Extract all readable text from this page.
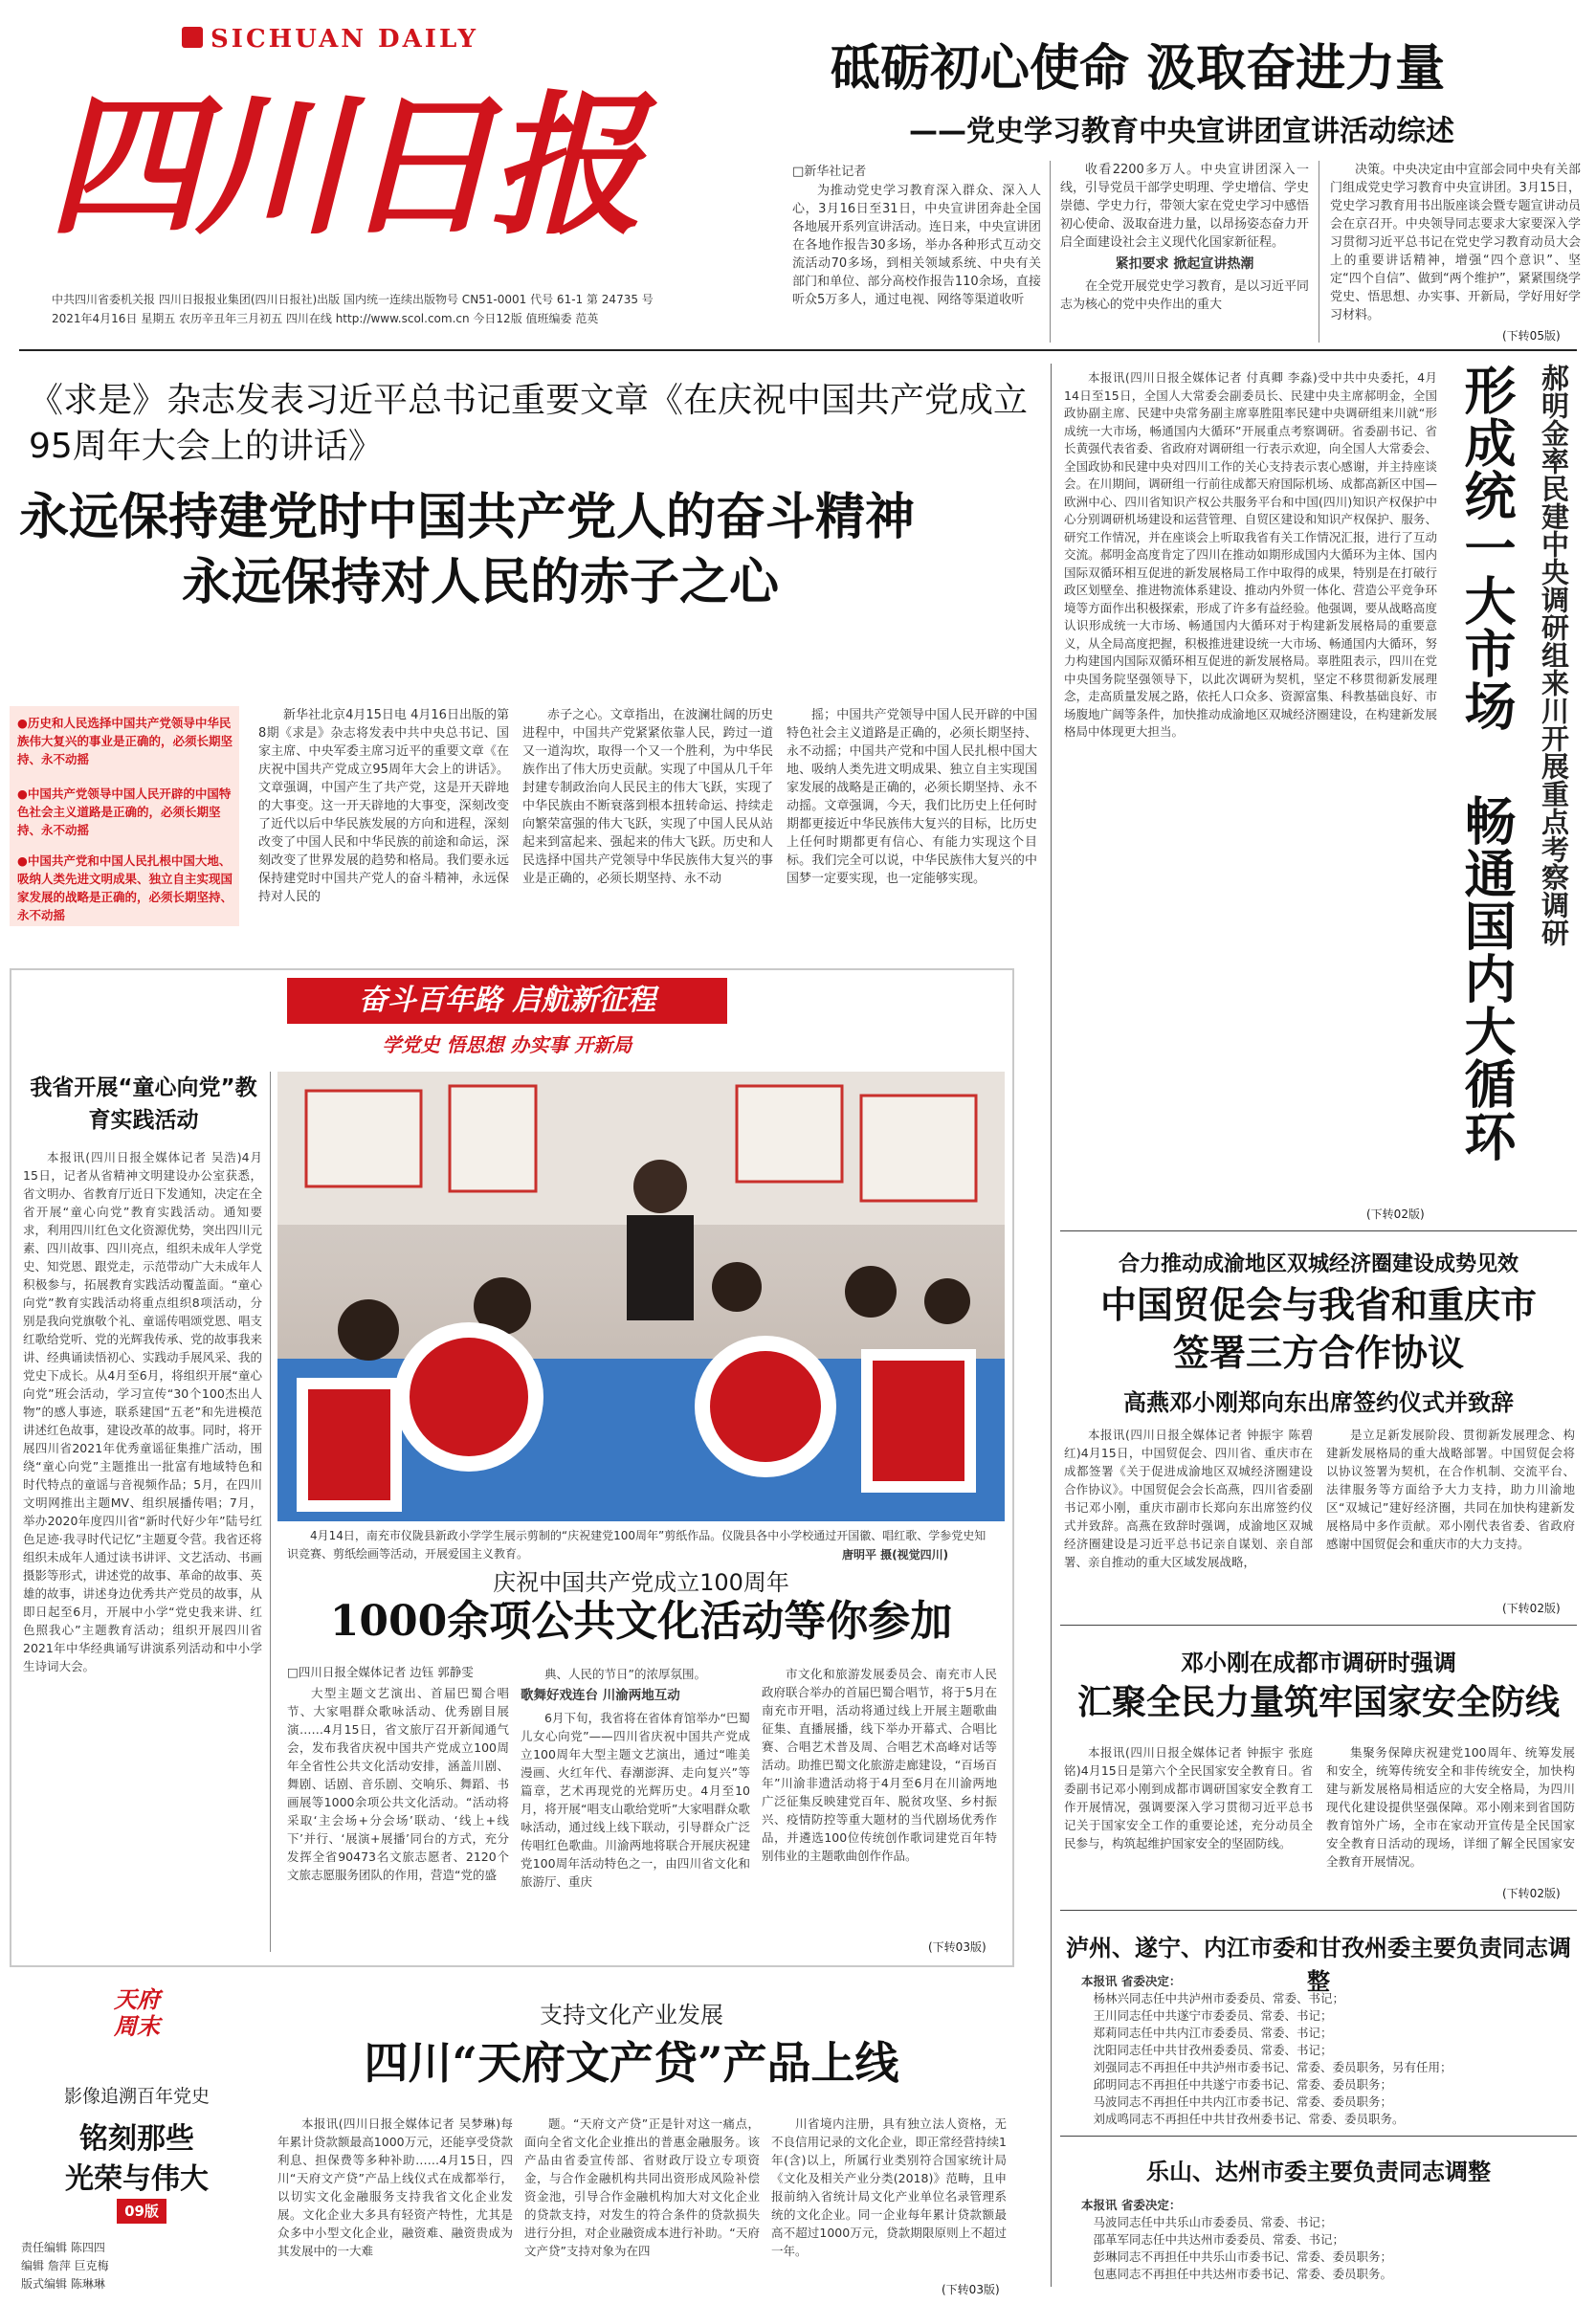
SICHUAN DAILY
四川日报
中共四川省委机关报 四川日报报业集团(四川日报社)出版 国内统一连续出版物号 CN51-0001 代号 61-1 第 24735 号
2021年4月16日 星期五 农历辛丑年三月初五 四川在线 http://www.scol.com.cn 今日12版 值班编委 范英
砥砺初心使命 汲取奋进力量
——党史学习教育中央宣讲团宣讲活动综述
□新华社记者

为推动党史学习教育深入群众、深入人心，3月16日至31日，中央宣讲团奔赴全国各地展开系列宣讲活动。连日来，中央宣讲团在各地作报告30多场，举办各种形式互动交流活动70多场，到相关领域系统、中央有关部门和单位、部分高校作报告110余场，直接听众5万多人，通过电视、网络等渠道收听

收看2200多万人。中央宣讲团深入一线，引导党员干部学史明理、学史增信、学史崇德、学史力行，带领大家在党史学习中感悟初心使命、汲取奋进力量，以昂扬姿态奋力开启全面建设社会主义现代化国家新征程。

紧扣要求 掀起宣讲热潮

在全党开展党史学习教育，是以习近平同志为核心的党中央作出的重大

决策。中央决定由中宣部会同中央有关部门组成党史学习教育中央宣讲团。3月15日，党史学习教育用书出版座谈会暨专题宣讲动员会在京召开。中央领导同志要求大家要深入学习贯彻习近平总书记在党史学习教育动员大会上的重要讲话精神，增强“四个意识”、坚定“四个自信”、做到“两个维护”，紧紧围绕学党史、悟思想、办实事、开新局，学好用好学习材料。

(下转05版)
《求是》杂志发表习近平总书记重要文章《在庆祝中国共产党成立95周年大会上的讲话》
永远保持建党时中国共产党人的奋斗精神
永远保持对人民的赤子之心
●历史和人民选择中国共产党领导中华民族伟大复兴的事业是正确的，必须长期坚持、永不动摇
●中国共产党领导中国人民开辟的中国特色社会主义道路是正确的，必须长期坚持、永不动摇
●中国共产党和中国人民扎根中国大地、吸纳人类先进文明成果、独立自主实现国家发展的战略是正确的，必须长期坚持、永不动摇

新华社北京4月15日电 4月16日出版的第8期《求是》杂志将发表中共中央总书记、国家主席、中央军委主席习近平的重要文章《在庆祝中国共产党成立95周年大会上的讲话》。文章强调，中国产生了共产党，这是开天辟地的大事变。这一开天辟地的大事变，深刻改变了近代以后中华民族发展的方向和进程，深刻改变了中国人民和中华民族的前途和命运，深刻改变了世界发展的趋势和格局。我们要永远保持建党时中国共产党人的奋斗精神，永远保持对人民的

赤子之心。文章指出，在波澜壮阔的历史进程中，中国共产党紧紧依靠人民，跨过一道又一道沟坎，取得一个又一个胜利，为中华民族作出了伟大历史贡献。实现了中国从几千年封建专制政治向人民民主的伟大飞跃，实现了中华民族由不断衰落到根本扭转命运、持续走向繁荣富强的伟大飞跃，实现了中国人民从站起来到富起来、强起来的伟大飞跃。历史和人民选择中国共产党领导中华民族伟大复兴的事业是正确的，必须长期坚持、永不动

摇；中国共产党领导中国人民开辟的中国特色社会主义道路是正确的，必须长期坚持、永不动摇；中国共产党和中国人民扎根中国大地、吸纳人类先进文明成果、独立自主实现国家发展的战略是正确的，必须长期坚持、永不动摇。文章强调，今天，我们比历史上任何时期都更接近中华民族伟大复兴的目标，比历史上任何时期都更有信心、有能力实现这个目标。我们完全可以说，中华民族伟大复兴的中国梦一定要实现，也一定能够实现。

奋斗百年路 启航新征程
学党史 悟思想 办实事 开新局
4月14日，南充市仪陇县新政小学学生展示剪制的“庆祝建党100周年”剪纸作品。仪陇县各中小学校通过开国徽、唱红歌、学参党史知识竞赛、剪纸绘画等活动，开展爱国主义教育。	唐明平 摄(视觉四川)
我省开展“童心向党”教育实践活动

本报讯(四川日报全媒体记者 吴浩)4月15日，记者从省精神文明建设办公室获悉，省文明办、省教育厅近日下发通知，决定在全省开展“童心向党”教育实践活动。通知要求，利用四川红色文化资源优势，突出四川元素、四川故事、四川亮点，组织未成年人学党史、知党恩、跟党走，示范带动广大未成年人积极参与，拓展教育实践活动覆盖面。“童心向党”教育实践活动将重点组织8项活动，分别是我向党旗敬个礼、童谣传唱颂党恩、唱支红歌给党听、党的光辉我传承、党的故事我来讲、经典诵读悟初心、实践动手展风采、我的党史下成长。从4月至6月，将组织开展“童心向党”班会活动，学习宣传“30个100杰出人物”的感人事迹，联系建国“五老”和先进模范讲述红色故事，建设改革的故事。同时，将开展四川省2021年优秀童谣征集推广活动，围绕“童心向党”主题推出一批富有地域特色和时代特点的童谣与音视频作品；5月，在四川文明网推出主题MV、组织展播传唱；7月，举办2020年度四川省“新时代好少年”陆号红色足迹·我寻时代记忆”主题夏令营。我省还将组织未成年人通过读书讲评、文艺活动、书画摄影等形式，讲述党的故事、革命的故事、英雄的故事，讲述身边优秀共产党员的故事，从即日起至6月，开展中小学“党史我来讲、红色照我心”主题教育活动；组织开展四川省2021年中华经典诵写讲演系列活动和中小学生诗词大会。

庆祝中国共产党成立100周年
1000余项公共文化活动等你参加
□四川日报全媒体记者 边钰 郭静雯

大型主题文艺演出、首届巴蜀合唱节、大家唱群众歌咏活动、优秀剧目展演……4月15日，省文旅厅召开新闻通气会，发布我省庆祝中国共产党成立100周年全省性公共文化活动安排，涵盖川剧、舞剧、话剧、音乐剧、交响乐、舞蹈、书画展等1000余项公共文化活动。“活动将采取‘主会场+分会场’联动、‘线上+线下’并行、‘展演+展播’同台的方式，充分发挥全省90473名文旅志愿者、2120个文旅志愿服务团队的作用，营造“党的盛

典、人民的节日”的浓厚氛围。

歌舞好戏连台 川渝两地互动

6月下旬，我省将在省体育馆举办“巴蜀儿女心向党”——四川省庆祝中国共产党成立100周年大型主题文艺演出，通过“唯美漫画、火红年代、春潮澎湃、走向复兴”等篇章，艺术再现党的光辉历史。4月至10月，将开展“唱支山歌给党听”大家唱群众歌咏活动，通过线上线下联动，引导群众广泛传唱红色歌曲。川渝两地将联合开展庆祝建党100周年活动特色之一，由四川省文化和旅游厅、重庆

市文化和旅游发展委员会、南充市人民政府联合举办的首届巴蜀合唱节，将于5月在南充市开唱，活动将通过线上开展主题歌曲征集、直播展播，线下举办开幕式、合唱比赛、合唱艺术普及周、合唱艺术高峰对话等活动。助推巴蜀文化旅游走廊建设，“百场百年”川渝非遗活动将于4月至6月在川渝两地广泛征集反映建党百年、脱贫攻坚、乡村振兴、疫情防控等重大题材的当代剧场优秀作品，并遴选100位传统创作歌词建党百年特别伟业的主题歌曲创作作品。

(下转03版)
天府周末
影像追溯百年党史
铭刻那些
光荣与伟大
09版
支持文化产业发展
四川“天府文产贷”产品上线

本报讯(四川日报全媒体记者 吴梦琳)每年累计贷款额最高1000万元，还能享受贷款利息、担保费等多种补助……4月15日，四川“天府文产贷”产品上线仪式在成都举行，以切实文化金融服务支持我省文化企业发展。文化企业大多具有轻资产特性，尤其是众多中小型文化企业，融资难、融资贵成为其发展中的一大难

题。“天府文产贷”正是针对这一痛点，面向全省文化企业推出的普惠金融服务。该产品由省委宣传部、省财政厅设立专项资金，与合作金融机构共同出资形成风险补偿资金池，引导合作金融机构加大对文化企业的贷款支持，对发生的符合条件的贷款损失进行分担，对企业融资成本进行补助。“天府文产贷”支持对象为在四

川省境内注册，具有独立法人资格，无不良信用记录的文化企业，即正常经营持续1年(含)以上，所属行业类别符合国家统计局《文化及相关产业分类(2018)》范畴，且申报前纳入省统计局文化产业单位名录管理系统的文化企业。同一企业每年累计贷款额最高不超过1000万元，贷款期限原则上不超过一年。

(下转03版)
责任编辑 陈四四
编辑 詹萍 巨克梅
版式编辑 陈琳琳

本报讯(四川日报全媒体记者 付真卿 李淼)受中共中央委托，4月14日至15日，全国人大常委会副委员长、民建中央主席郝明金，全国政协副主席、民建中央常务副主席辜胜阻率民建中央调研组来川就“形成统一大市场，畅通国内大循环”开展重点考察调研。省委副书记、省长黄强代表省委、省政府对调研组一行表示欢迎，向全国人大常委会、全国政协和民建中央对四川工作的关心支持表示衷心感谢，并主持座谈会。在川期间，调研组一行前往成都天府国际机场、成都高新区中国—欧洲中心、四川省知识产权公共服务平台和中国(四川)知识产权保护中心分别调研机场建设和运营管理、自贸区建设和知识产权保护、服务、研究工作情况，并在座谈会上听取我省有关工作情况汇报，进行了互动交流。郝明金高度肯定了四川在推动如期形成国内大循环为主体、国内国际双循环相互促进的新发展格局工作中取得的成果，特别是在打破行政区划壁垒、推进物流体系建设、推动内外贸一体化、营造公平竞争环境等方面作出积极探索，形成了许多有益经验。他强调，要从战略高度认识形成统一大市场、畅通国内大循环对于构建新发展格局的重要意义，从全局高度把握，积极推进建设统一大市场、畅通国内大循环，努力构建国内国际双循环相互促进的新发展格局。辜胜阻表示，四川在党中央国务院坚强领导下，以此次调研为契机，坚定不移贯彻新发展理念，走高质量发展之路，依托人口众多、资源富集、科教基础良好、市场腹地广阔等条件，加快推动成渝地区双城经济圈建设，在构建新发展格局中体现更大担当。

(下转02版)
形成统一大市场 畅通国内大循环 郝明金率民建中央调研组来川开展重点考察调研
合力推动成渝地区双城经济圈建设成势见效
中国贸促会与我省和重庆市
签署三方合作协议
高燕邓小刚郑向东出席签约仪式并致辞

本报讯(四川日报全媒体记者 钟振宇 陈碧红)4月15日，中国贸促会、四川省、重庆市在成都签署《关于促进成渝地区双城经济圈建设合作协议》。中国贸促会会长高燕，四川省委副书记邓小刚，重庆市副市长郑向东出席签约仪式并致辞。高燕在致辞时强调，成渝地区双城经济圈建设是习近平总书记亲自谋划、亲自部署、亲自推动的重大区域发展战略，

是立足新发展阶段、贯彻新发展理念、构建新发展格局的重大战略部署。中国贸促会将以协议签署为契机，在合作机制、交流平台、法律服务等方面给予大力支持，助力川渝地区“双城记”建好经济圈，共同在加快构建新发展格局中多作贡献。邓小刚代表省委、省政府感谢中国贸促会和重庆市的大力支持。

(下转02版)
邓小刚在成都市调研时强调
汇聚全民力量筑牢国家安全防线

本报讯(四川日报全媒体记者 钟振宇 张庭铭)4月15日是第六个全民国家安全教育日。省委副书记邓小刚到成都市调研国家安全教育工作开展情况，强调要深入学习贯彻习近平总书记关于国家安全工作的重要论述，充分动员全民参与，构筑起维护国家安全的坚固防线。

集聚务保障庆祝建党100周年、统筹发展和安全，统筹传统安全和非传统安全，加快构建与新发展格局相适应的大安全格局，为四川现代化建设提供坚强保障。邓小刚来到省国防教育馆外广场，全市在家动开宣传是全民国家安全教育日活动的现场，详细了解全民国家安全教育开展情况。

(下转02版)
泸州、遂宁、内江市委和甘孜州委主要负责同志调整
本报讯 省委决定：
杨林兴同志任中共泸州市委委员、常委、书记；
王川同志任中共遂宁市委委员、常委、书记；
郑莉同志任中共内江市委委员、常委、书记；
沈阳同志任中共甘孜州委委员、常委、书记；
刘强同志不再担任中共泸州市委书记、常委、委员职务，另有任用；
邱明同志不再担任中共遂宁市委书记、常委、委员职务；
马波同志不再担任中共内江市委书记、常委、委员职务；
刘成鸣同志不再担任中共甘孜州委书记、常委、委员职务。
乐山、达州市委主要负责同志调整
本报讯 省委决定：
马波同志任中共乐山市委委员、常委、书记；
邵革军同志任中共达州市委委员、常委、书记；
彭琳同志不再担任中共乐山市委书记、常委、委员职务；
包惠同志不再担任中共达州市委书记、常委、委员职务。
